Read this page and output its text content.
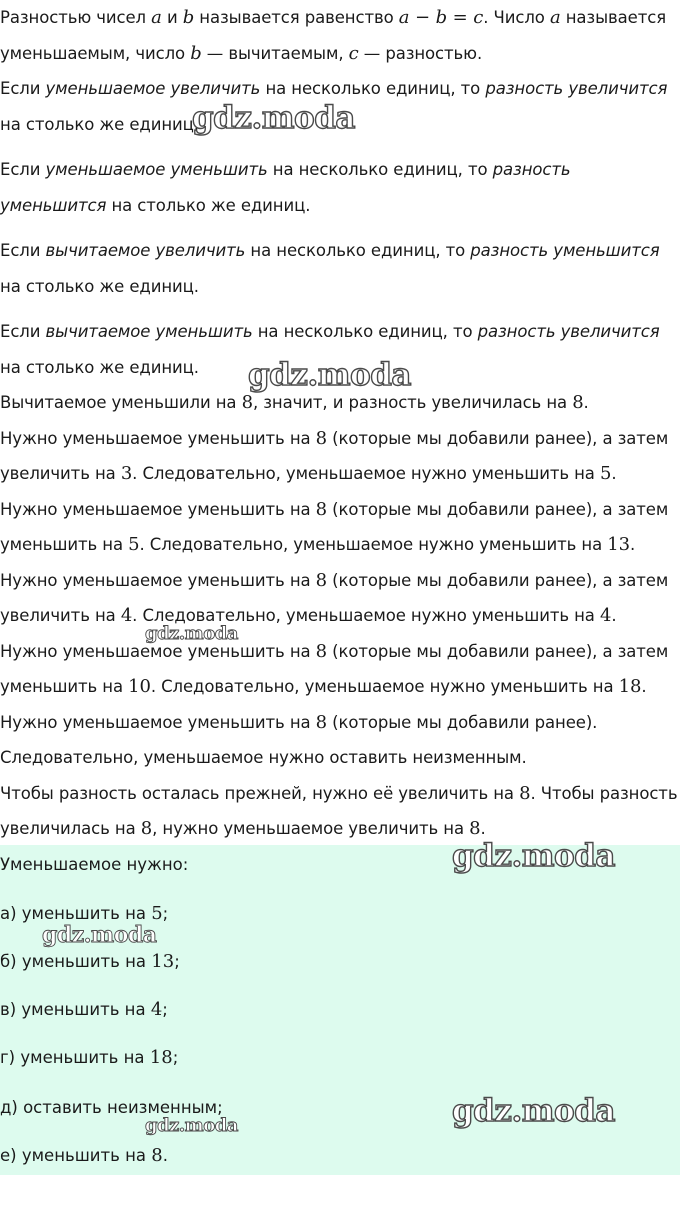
Разностью чисел a и b называется равенство a − b = c. Число a называется уменьшаемым, число b — вычитаемым, c — разностью.

Если уменьшаемое увеличить на несколько единиц, то разность увеличится на столько же единиц.

Если уменьшаемое уменьшить на несколько единиц, то разность уменьшится на столько же единиц.

Если вычитаемое увеличить на несколько единиц, то разность уменьшится на столько же единиц.

Если вычитаемое уменьшить на несколько единиц, то разность увеличится на столько же единиц.

Вычитаемое уменьшили на 8, значит, и разность увеличилась на 8.

Нужно уменьшаемое уменьшить на 8 (которые мы добавили ранее), а затем увеличить на 3. Следовательно, уменьшаемое нужно уменьшить на 5.

Нужно уменьшаемое уменьшить на 8 (которые мы добавили ранее), а затем уменьшить на 5. Следовательно, уменьшаемое нужно уменьшить на 13.

Нужно уменьшаемое уменьшить на 8 (которые мы добавили ранее), а затем увеличить на 4. Следовательно, уменьшаемое нужно уменьшить на 4.

Нужно уменьшаемое уменьшить на 8 (которые мы добавили ранее), а затем уменьшить на 10. Следовательно, уменьшаемое нужно уменьшить на 18.

Нужно уменьшаемое уменьшить на 8 (которые мы добавили ранее). Следовательно, уменьшаемое нужно оставить неизменным.

Чтобы разность осталась прежней, нужно её увеличить на 8. Чтобы разность увеличилась на 8, нужно уменьшаемое увеличить на 8.

Уменьшаемое нужно:

а) уменьшить на 5;

б) уменьшить на 13;

в) уменьшить на 4;

г) уменьшить на 18;

д) оставить неизменным;

е) уменьшить на 8.

gdz.moda
gdz.moda
gdz.moda
gdz.moda
gdz.moda
gdz.moda
gdz.moda
